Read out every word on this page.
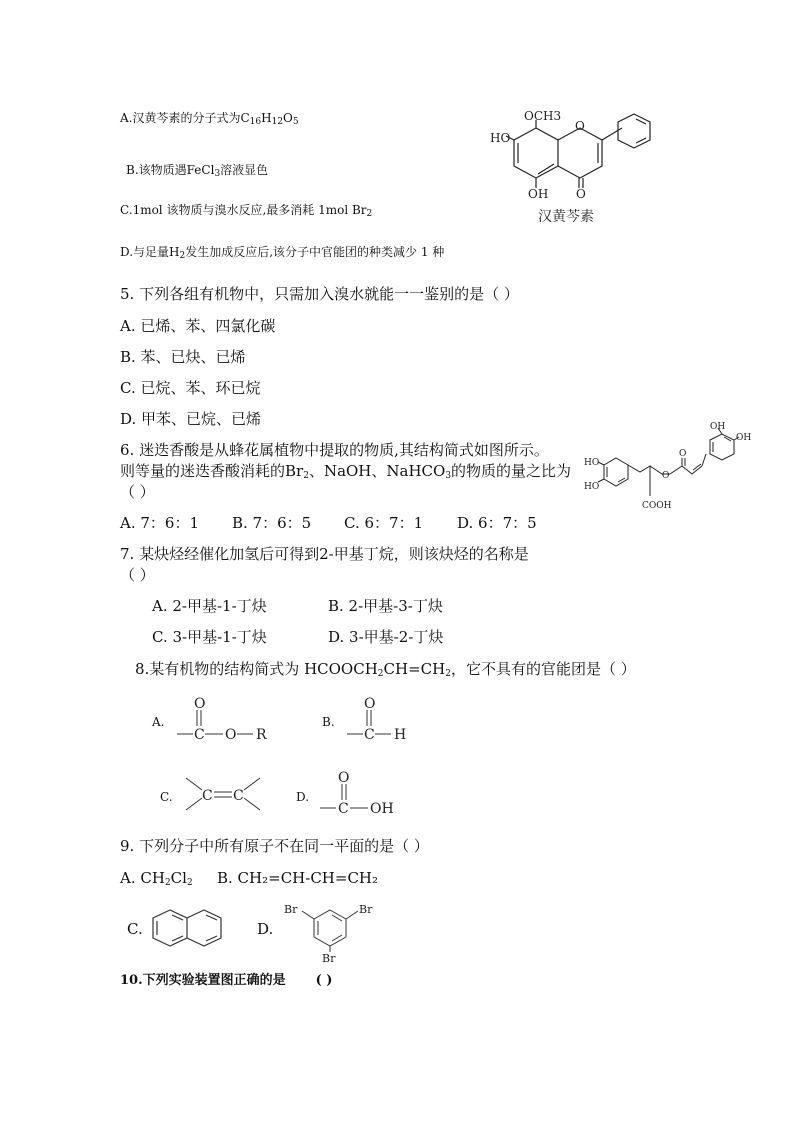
A.汉黄芩素的分子式为$C_{16}H_{12}O_5$
B.该物质遇FeCl$_3$溶液显色
C.1mol 该物质与溴水反应,最多消耗 1mol $Br_2$
D.与足量$H_2$发生加成反应后,该分子中官能团的种类减少 1 种
OCH3
O
HO
OH O
汉黄芩素
5. 下列各组有机物中，只需加入溴水就能一一鉴别的是（ ）
A. 已烯、苯、四氯化碳
B. 苯、已炔、已烯
C. 已烷、苯、环已烷
D. 甲苯、已烷、已烯
6. 迷迭香酸是从蜂花属植物中提取的物质,其结构简式如图所示。
则等量的迷迭香酸消耗的$Br_2$、NaOH、NaHCO$_3$的物质的量之比为
（ ）
A. 7：6：1 B. 7：6：5 C. 6：7：1 D. 6：7：5
OH
OH
HO
HO
O
O
COOH
7. 某炔烃经催化加氢后可得到2-甲基丁烷，则该炔烃的名称是
（ ）
A. 2-甲基-1-丁炔	B. 2-甲基-3-丁炔
C. 3-甲基-1-丁炔	D. 3-甲基-2-丁炔
8.某有机物的结构简式为 $HCOOCH_2CH=CH_2$，它不具有的官能团是（ ）
A.
O
C O R
B.
O
C H
C. C C	D.
O
C OH
9. 下列分子中所有原子不在同一平面的是（ ）
A. $CH_2Cl_2$ B. CH₂=CH-CH=CH₂
C.	D.
Br	Br
Br
10.下列实验装置图正确的是 ( )
